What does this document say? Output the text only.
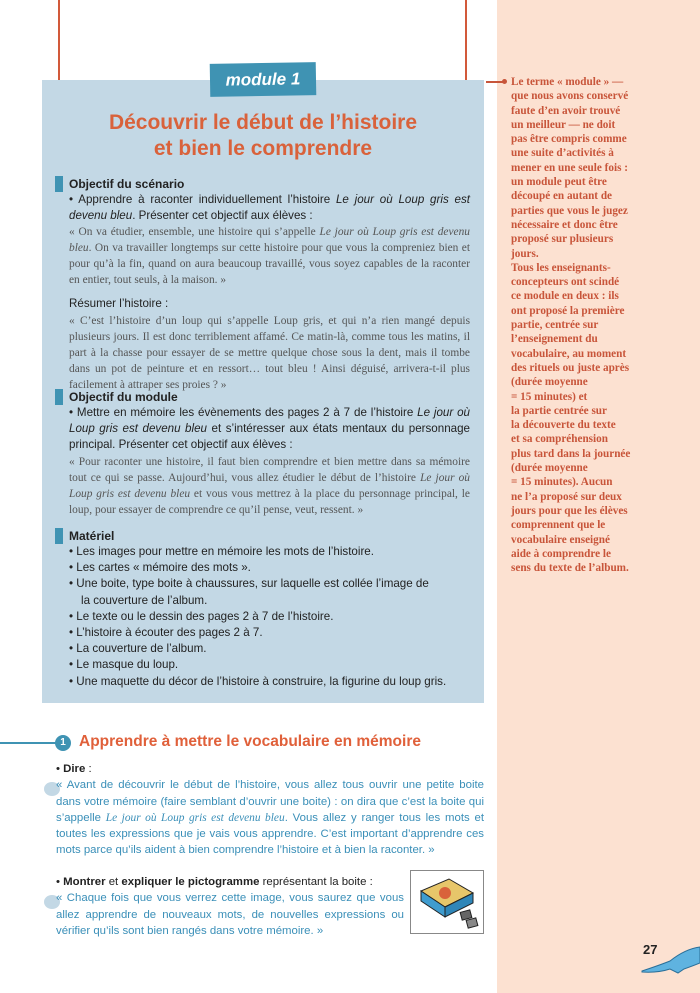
module 1
Découvrir le début de l’histoire
et bien le comprendre
Objectif du scénario

• Apprendre à raconter individuellement l’histoire Le jour où Loup gris est devenu bleu. Présenter cet objectif aux élèves :

« On va étudier, ensemble, une histoire qui s’appelle Le jour où Loup gris est devenu bleu. On va travailler longtemps sur cette histoire pour que vous la compreniez bien et pour qu’à la fin, quand on aura beaucoup travaillé, vous soyez capables de la raconter en entier, tout seuls, à la maison. »

Résumer l’histoire :

« C’est l’histoire d’un loup qui s’appelle Loup gris, et qui n’a rien mangé depuis plusieurs jours. Il est donc terriblement affamé. Ce matin-là, comme tous les matins, il part à la chasse pour essayer de se mettre quelque chose sous la dent, mais il tombe dans un pot de peinture et en ressort… tout bleu ! Ainsi déguisé, arrivera-t-il plus facilement à attraper ses proies ? »

Objectif du module

• Mettre en mémoire les évènements des pages 2 à 7 de l’histoire Le jour où Loup gris est devenu bleu et s’intéresser aux états mentaux du personnage principal. Présenter cet objectif aux élèves :

« Pour raconter une histoire, il faut bien comprendre et bien mettre dans sa mémoire tout ce qui se passe. Aujourd’hui, vous allez étudier le début de l’histoire Le jour où Loup gris est devenu bleu et vous vous mettrez à la place du personnage principal, le loup, pour essayer de comprendre ce qu’il pense, veut, ressent. »

Matériel
• Les images pour mettre en mémoire les mots de l’histoire.
• Les cartes « mémoire des mots ».
• Une boite, type boite à chaussures, sur laquelle est collée l’image de la couverture de l’album.
• Le texte ou le dessin des pages 2 à 7 de l’histoire.
• L’histoire à écouter des pages 2 à 7.
• La couverture de l’album.
• Le masque du loup.
• Une maquette du décor de l’histoire à construire, la figurine du loup gris.
Le terme « module » —
que nous avons conservé
faute d’en avoir trouvé
un meilleur — ne doit
pas être compris comme
une suite d’activités à
mener en une seule fois :
un module peut être
découpé en autant de
parties que vous le jugez
nécessaire et donc être
proposé sur plusieurs
jours.
Tous les enseignants-
concepteurs ont scindé
ce module en deux : ils
ont proposé la première
partie, centrée sur
l’enseignement du
vocabulaire, au moment
des rituels ou juste après
(durée moyenne
= 15 minutes) et
la partie centrée sur
la découverte du texte
et sa compréhension
plus tard dans la journée
(durée moyenne
= 15 minutes). Aucun
ne l’a proposé sur deux
jours pour que les élèves
comprennent que le
vocabulaire enseigné
aide à comprendre le
sens du texte de l’album.
1 Apprendre à mettre le vocabulaire en mémoire

• Dire :

« Avant de découvrir le début de l’histoire, vous allez tous ouvrir une petite boite dans votre mémoire (faire semblant d’ouvrir une boite) : on dira que c’est la boite qui s’appelle Le jour où Loup gris est devenu bleu. Vous allez y ranger tous les mots et toutes les expressions que je vais vous apprendre. C’est important d’apprendre ces mots parce qu’ils aident à bien comprendre l’histoire et à bien la raconter. »

• Montrer et expliquer le pictogramme représentant la boite :

« Chaque fois que vous verrez cette image, vous saurez que vous allez apprendre de nouveaux mots, de nouvelles expressions ou vérifier qu’ils sont bien rangés dans votre mémoire. »

27
